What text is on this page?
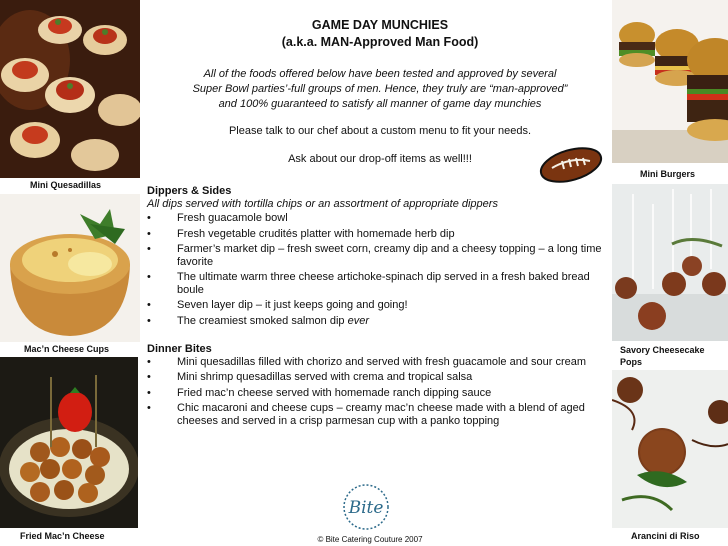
Mini Quesadillas
Mac’n Cheese Cups
Fried Mac’n Cheese
Mini Burgers
Savory Cheesecake
Pops
Arancini di Riso
GAME DAY MUNCHIES
(a.k.a. MAN-Approved Man Food)
All of the foods offered below have been tested and approved by several
Super Bowl parties’-full groups of men. Hence, they truly are “man-approved”
and 100% guaranteed to satisfy all manner of game day munchies
Please talk to our chef about a custom menu to fit your needs.
Ask about our drop-off items as well!!!
Dippers & Sides
All dips served with tortilla chips or an assortment of appropriate dippers
• Fresh guacamole bowl
• Fresh vegetable crudités platter with homemade herb dip
• Farmer’s market dip – fresh sweet corn, creamy dip and a cheesy topping – a long time favorite
• The ultimate warm three cheese artichoke-spinach dip served in a fresh baked bread boule
• Seven layer dip – it just keeps going and going!
• The creamiest smoked salmon dip ever
Dinner Bites
• Mini quesadillas filled with chorizo and served with fresh guacamole and sour cream
• Mini shrimp quesadillas served with crema and tropical salsa
• Fried mac’n cheese served with homemade ranch dipping sauce
• Chic macaroni and cheese cups – creamy mac’n cheese made with a blend of aged cheeses and served in a crisp parmesan cup with a panko topping
Bite
© Bite Catering Couture 2007
